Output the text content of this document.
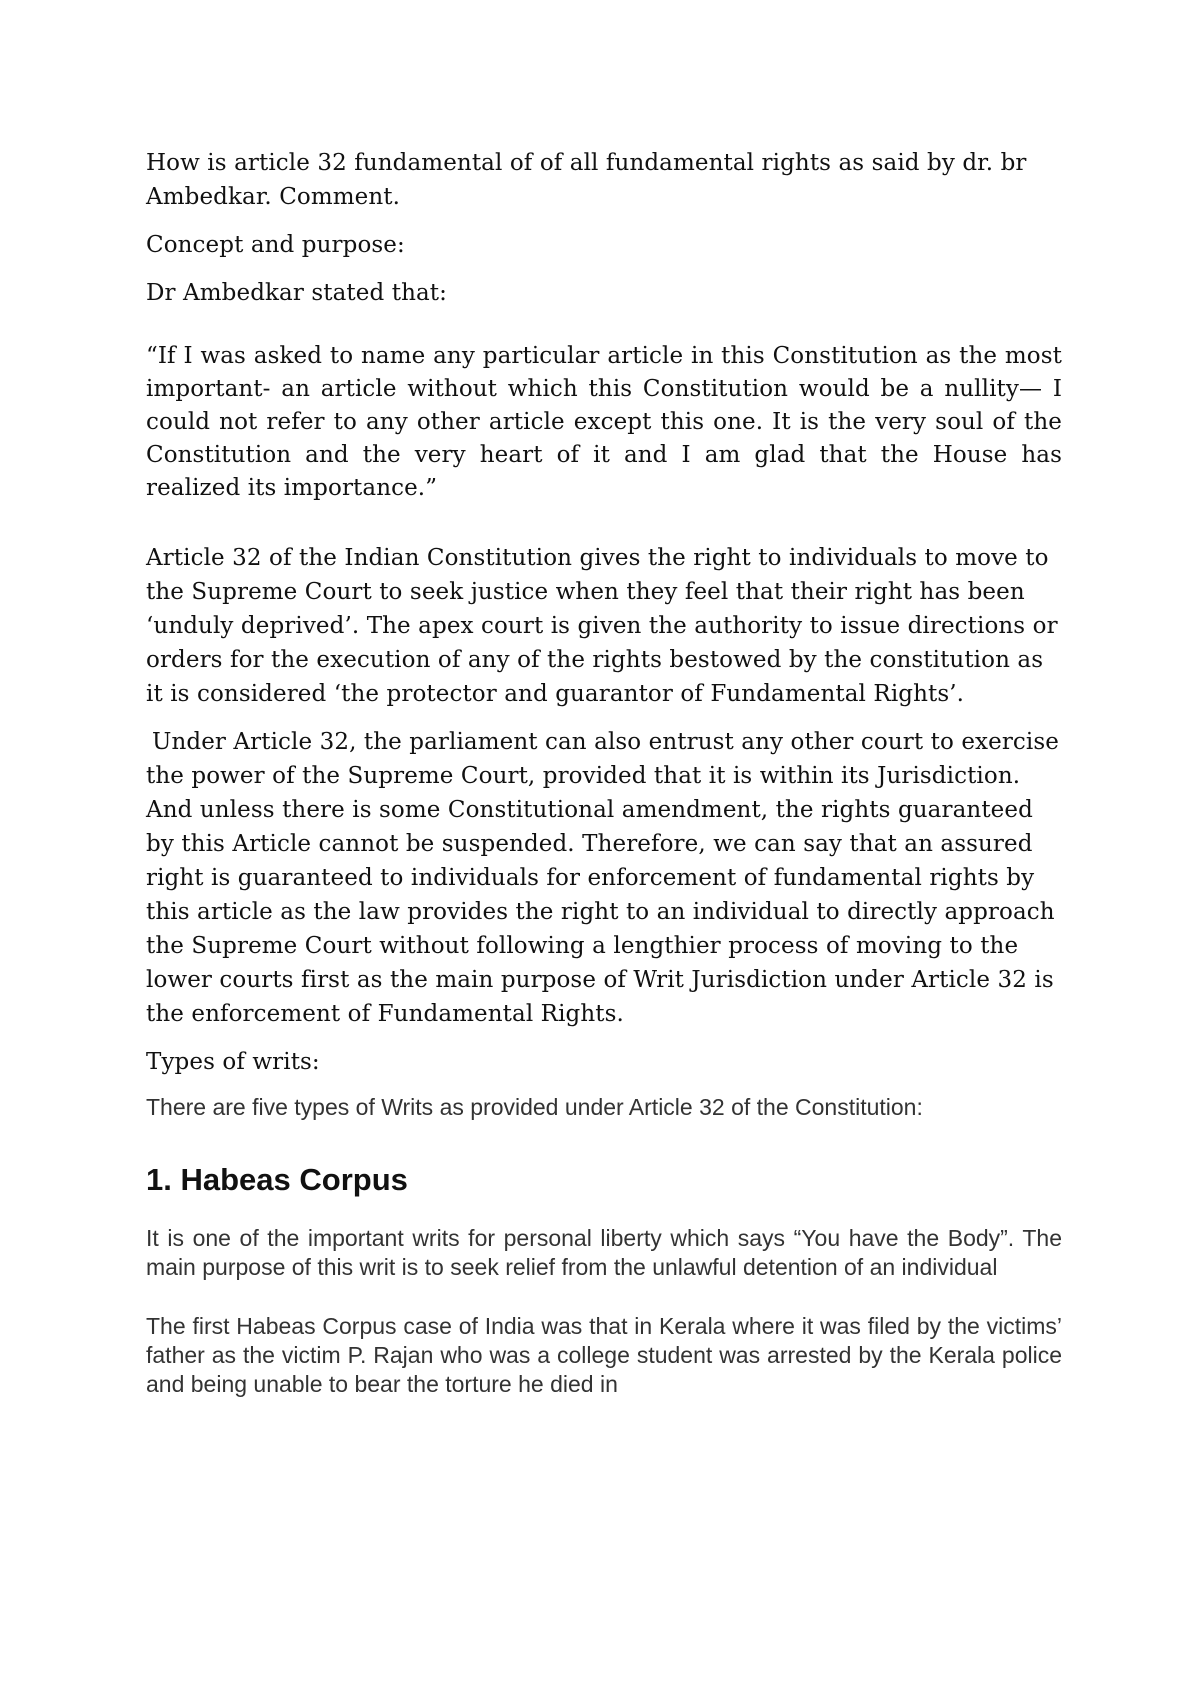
How is article 32 fundamental of of all fundamental rights as said by dr. br Ambedkar. Comment.

Concept and purpose:

Dr Ambedkar stated that:

“If I was asked to name any particular article in this Constitution as the most important- an article without which this Constitution would be a nullity— I could not refer to any other article except this one. It is the very soul of the Constitution and the very heart of it and I am glad that the House has realized its importance.”

Article 32 of the Indian Constitution gives the right to individuals to move to the Supreme Court to seek justice when they feel that their right has been ‘unduly deprived’. The apex court is given the authority to issue directions or orders for the execution of any of the rights bestowed by the constitution as it is considered ‘the protector and guarantor of Fundamental Rights’.

Under Article 32, the parliament can also entrust any other court to exercise the power of the Supreme Court, provided that it is within its Jurisdiction. And unless there is some Constitutional amendment, the rights guaranteed by this Article cannot be suspended. Therefore, we can say that an assured right is guaranteed to individuals for enforcement of fundamental rights by this article as the law provides the right to an individual to directly approach the Supreme Court without following a lengthier process of moving to the lower courts first as the main purpose of Writ Jurisdiction under Article 32 is the enforcement of Fundamental Rights.

Types of writs:

There are five types of Writs as provided under Article 32 of the Constitution:

1. Habeas Corpus

It is one of the important writs for personal liberty which says “You have the Body”. The main purpose of this writ is to seek relief from the unlawful detention of an individual

The first Habeas Corpus case of India was that in Kerala where it was filed by the victims’ father as the victim P. Rajan who was a college student was arrested by the Kerala police and being unable to bear the torture he died in
